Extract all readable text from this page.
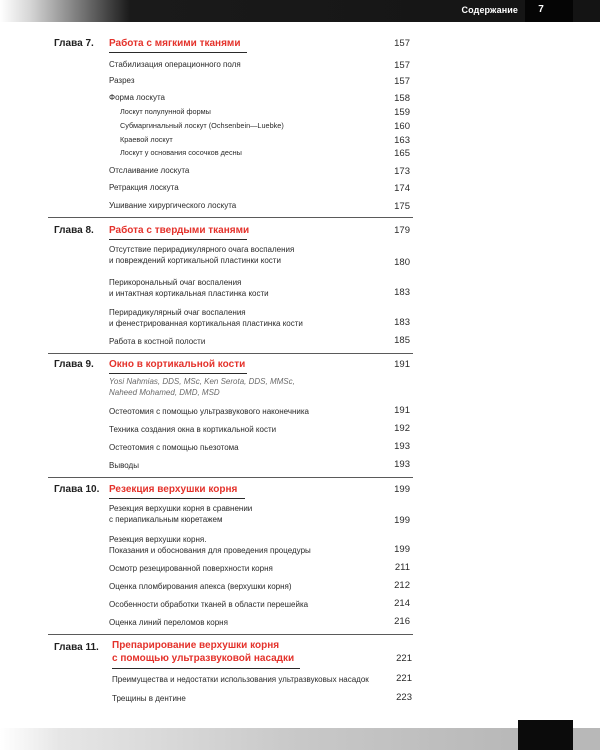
Содержание	7
Глава 7. Работа с мягкими тканями	157
Стабилизация операционного поля	157
Разрез	157
Форма лоскута	158
Лоскут полулунной формы	159
Субмаргинальный лоскут (Ochsenbein—Luebke)	160
Краевой лоскут	163
Лоскут у основания сосочков десны	165
Отслаивание лоскута	173
Ретракция лоскута	174
Ушивание хирургического лоскута	175
Глава 8. Работа с твердыми тканями	179
Отсутствие перирадикулярного очага воспаления
и повреждений кортикальной пластинки кости	180
Перикорональный очаг воспаления
и интактная кортикальная пластинка кости	183
Перирадикулярный очаг воспаления
и фенестрированная кортикальная пластинка кости	183
Работа в костной полости	185
Глава 9. Окно в кортикальной кости	191
Yosi Nahmias, DDS, MSc, Ken Serota, DDS, MMSc,
Naheed Mohamed, DMD, MSD
Остеотомия с помощью ультразвукового наконечника	191
Техника создания окна в кортикальной кости	192
Остеотомия с помощью пьезотома	193
Выводы	193
Глава 10. Резекция верхушки корня	199
Резекция верхушки корня в сравнении
с периапикальным кюретажем	199
Резекция верхушки корня.
Показания и обоснования для проведения процедуры	199
Осмотр резецированной поверхности корня	211
Оценка пломбирования апекса (верхушки корня)	212
Особенности обработки тканей в области перешейка	214
Оценка линий переломов корня	216
Глава 11. Препарирование верхушки корня
с помощью ультразвуковой насадки	221
Преимущества и недостатки использования ультразвуковых насадок	221
Трещины в дентине	223
